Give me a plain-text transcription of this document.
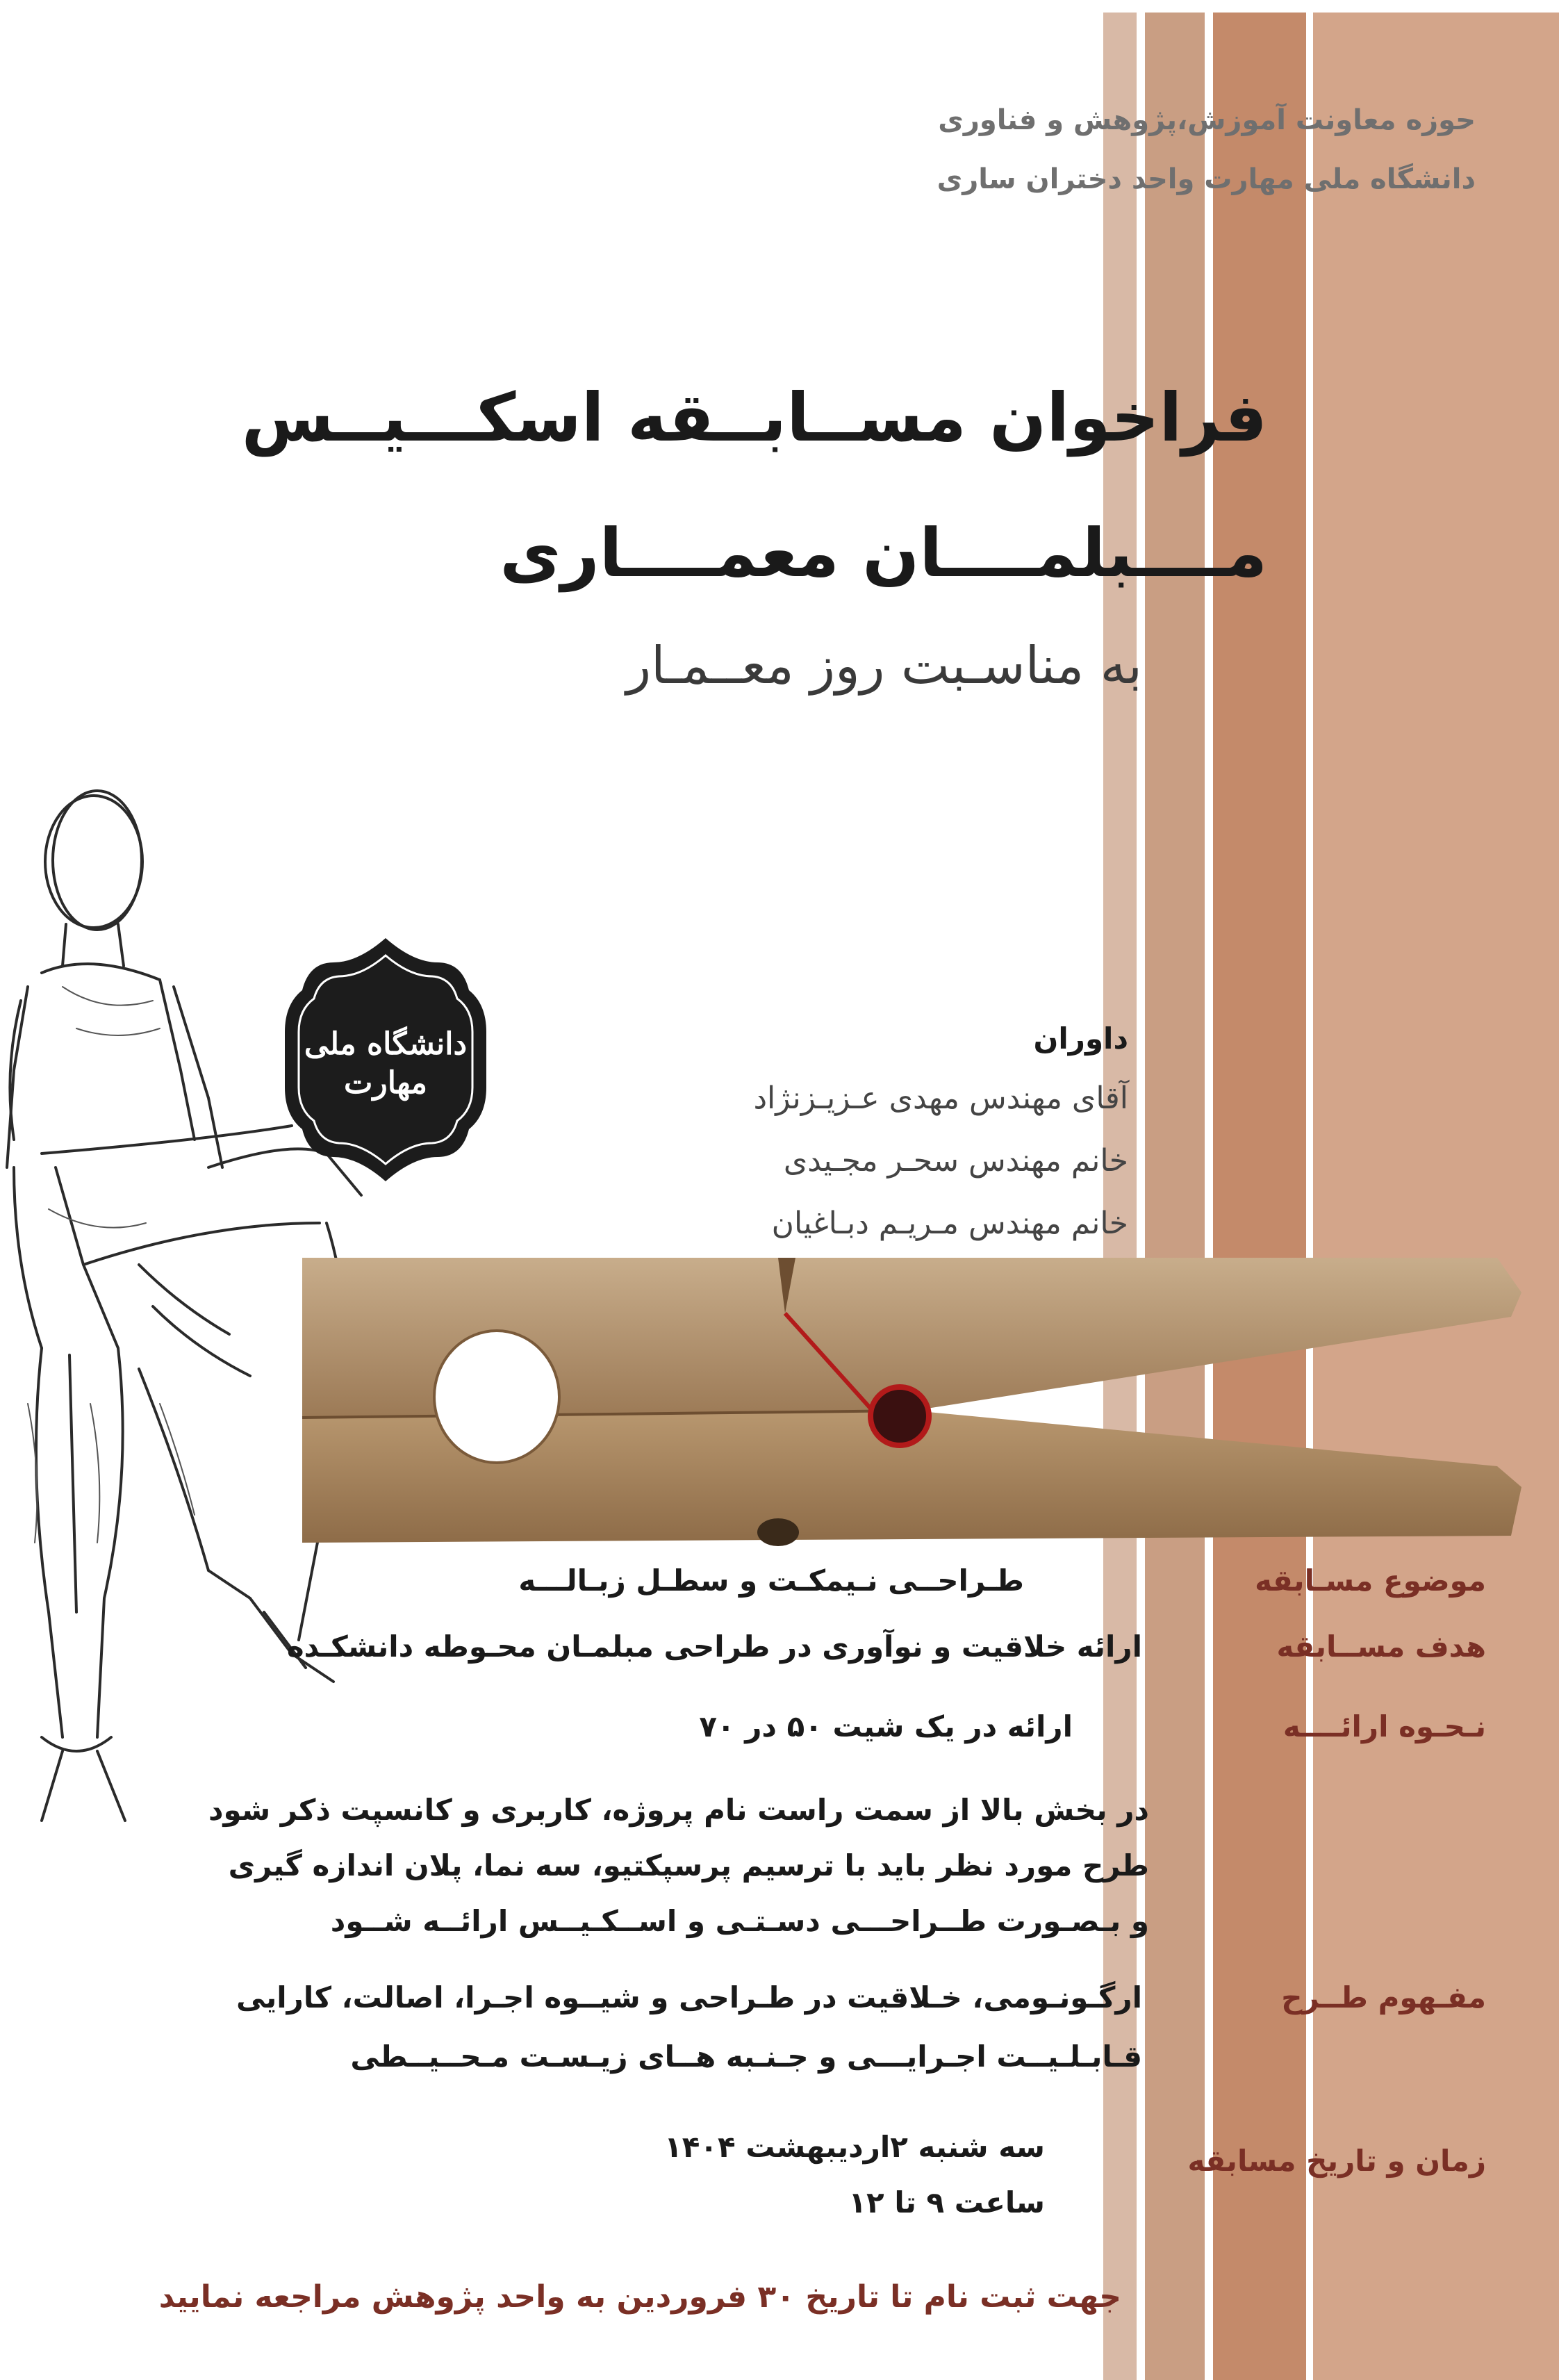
حوزه معاونت آموزش،پژوهش و فناوری
دانشگاه ملی مهارت واحد دختران ساری
فراخوان مســابــقه اسکـــیــس
مــــبلمــــان معمــــاری
به مناسـبت روز معــمـار
دانشگاه ملی مهارت
داوران
آقای مهندس مهدی عـزیـزنژاد
خانم مهندس سحـر مجـیدی
خانم مهندس مـریـم دبـاغیان
موضوع مسـابقه
هدف مســابقه
نـحـوه ارائــــه
مفـهوم طــرح
زمان و تاریخ مسابقه
طـراحــی نـیمکـت و سطـل زبـالـــه
ارائه خلاقیت و نوآوری در طراحی مبلمـان محـوطه دانشکـده
ارائه در یک شیت ۵۰ در ۷۰
در بخش بالا از سمت راست نام پروژه، کاربری و کانسپت ذکر شود
طرح مورد نظر باید با ترسیم پرسپکتیو، سه نما، پلان اندازه گیری
و بـصـورت طــراحـــی دسـتـی و اســکـیــس ارائــه شــود
ارگـونـومی، خـلاقیت در طـراحی و شیــوه اجـرا، اصالت، کارایی
قـابـلـیــت اجـرایـــی و جـنـبه هــای زیـسـت مـحــیــطی
سه شنبه ۲اردیبهشت ۱۴۰۴
ساعت ۹ تا ۱۲
جهت ثبت نام تا تاریخ ۳۰ فروردین به واحد پژوهش مراجعه نمایید
